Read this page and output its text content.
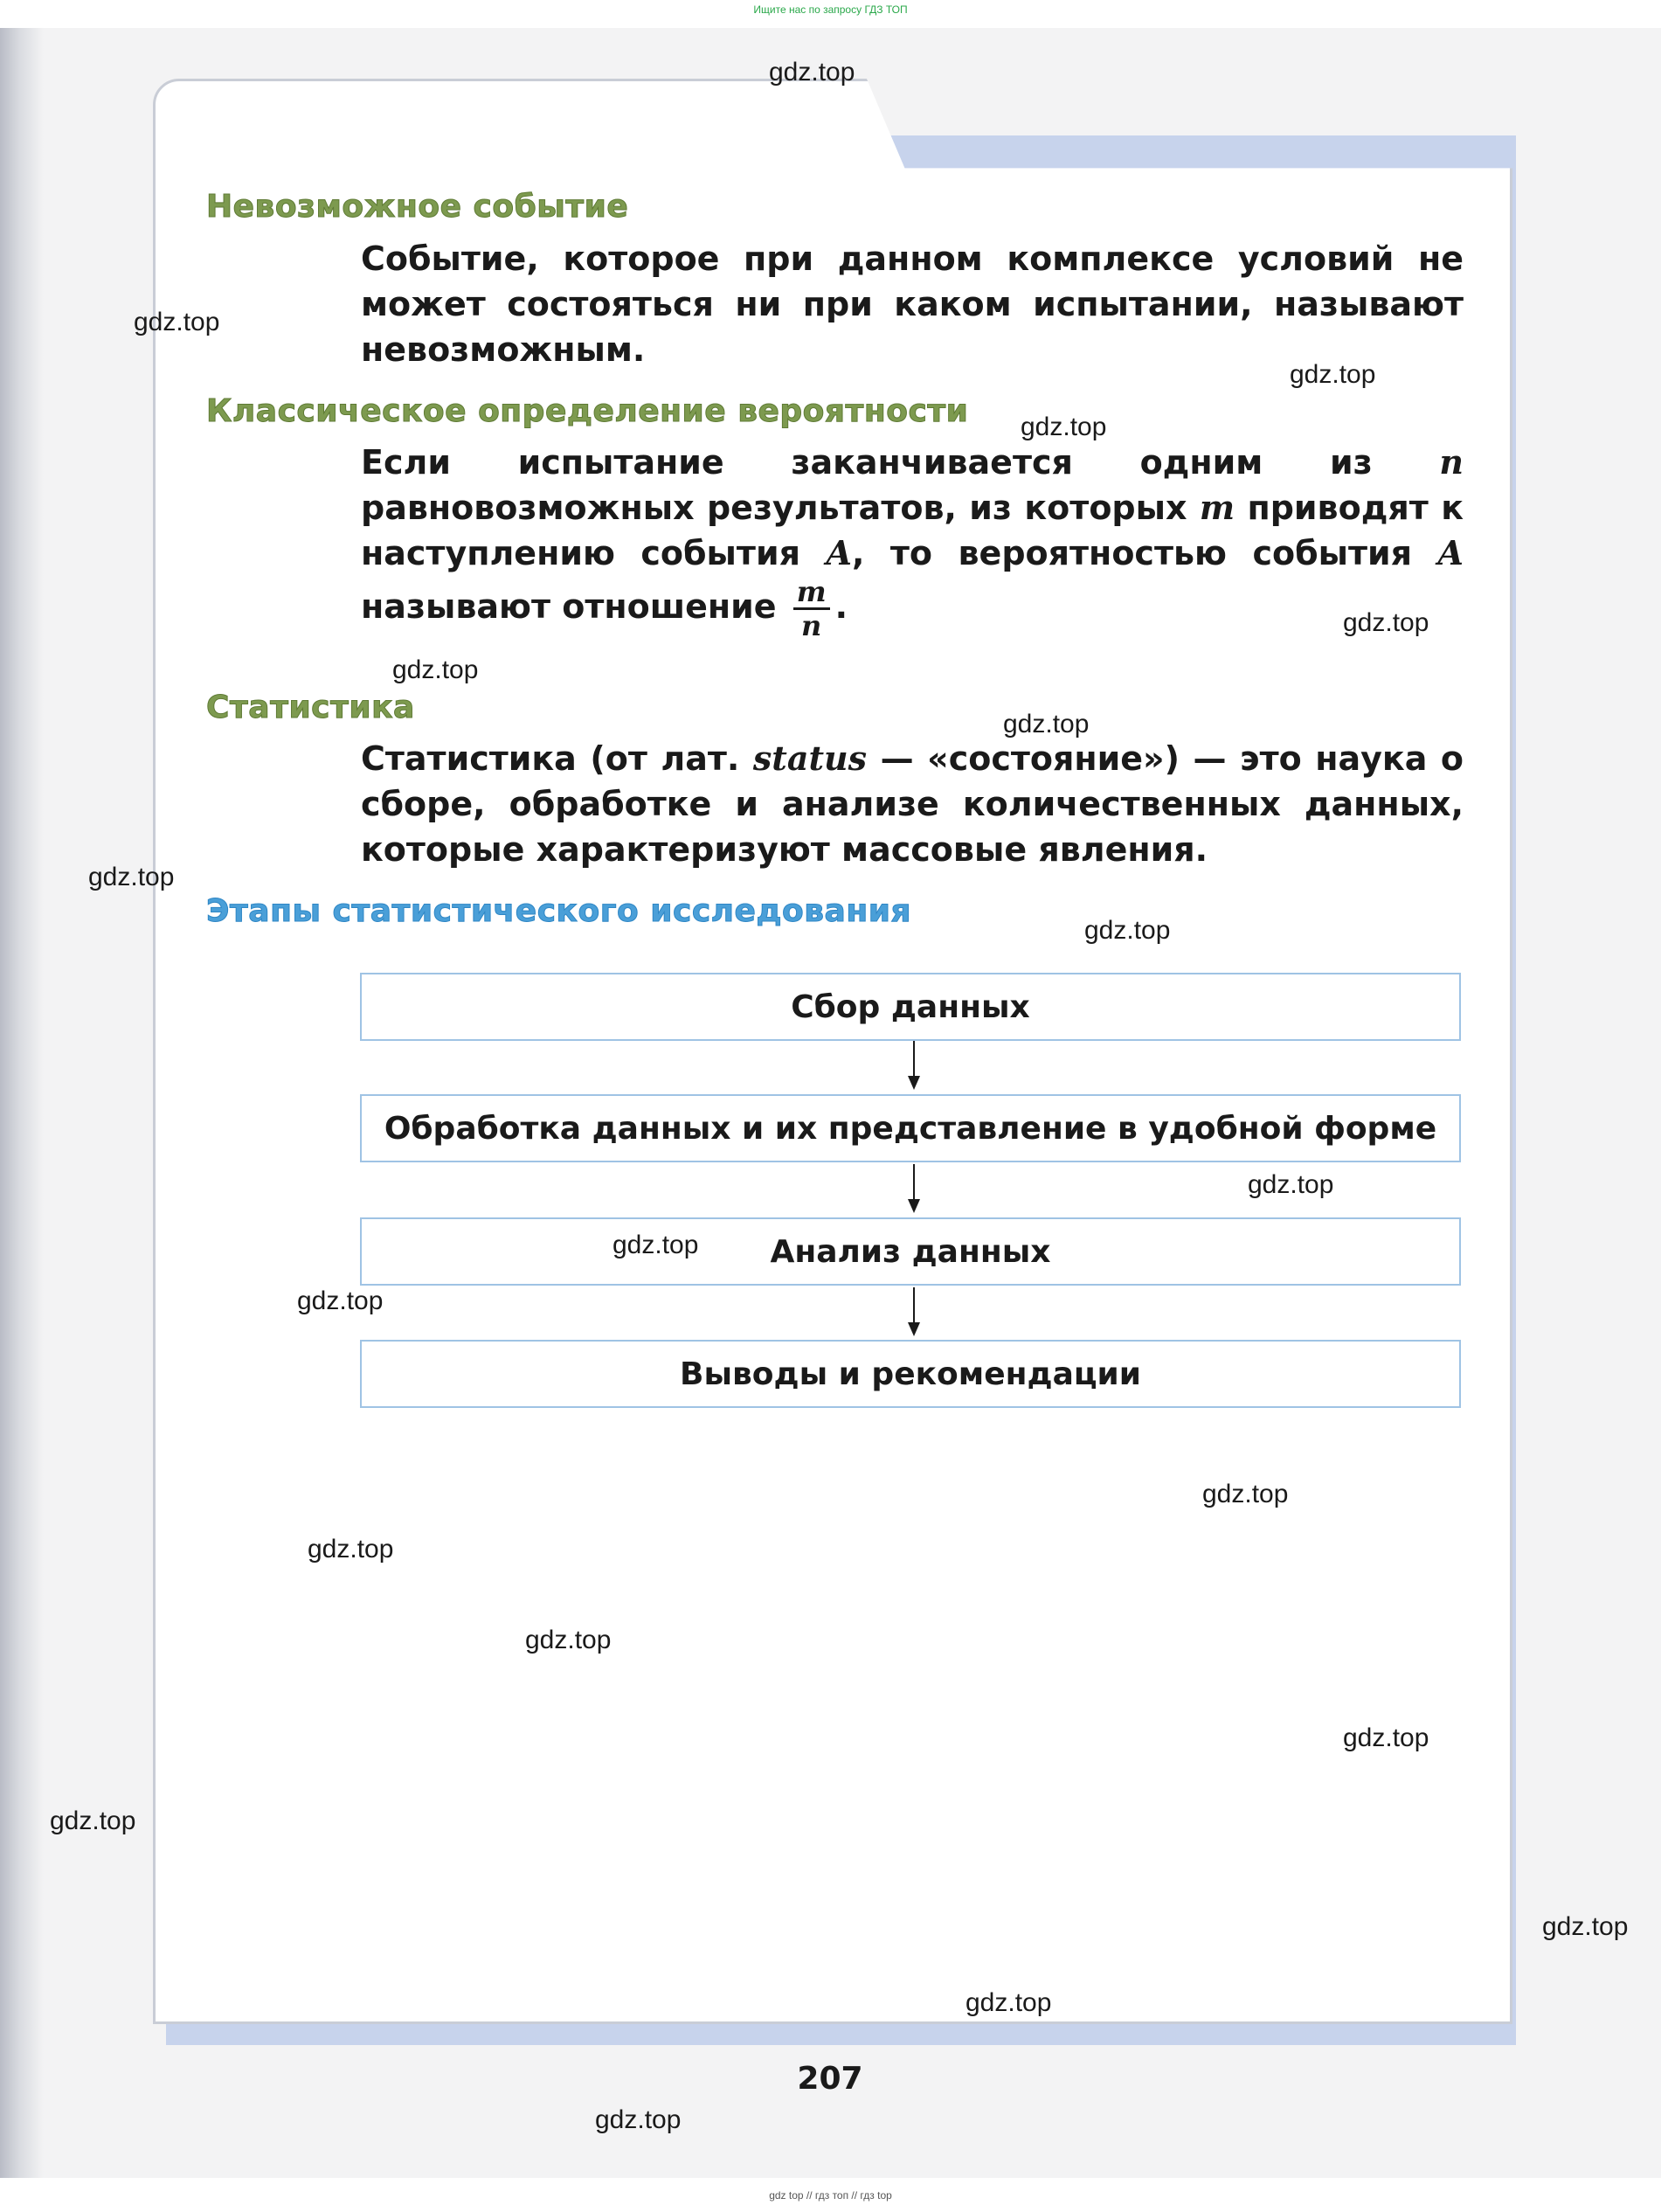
Ищите нас по запросу ГДЗ ТОП
Невозможное событие

Событие, которое при данном комплексе условий не может состояться ни при каком испытании, называют невозможным.

Классическое определение вероятности

Если испытание заканчивается одним из n равновозможных результатов, из которых m приводят к наступлению события A, то вероятностью события A называют отношение $\frac{m}{n}$ .

Статистика

Статистика (от лат. status — «состояние») — это наука о сборе, обработке и анализе количественных данных, которые характеризуют массовые явления.

Этапы статистического исследования
Сбор данных
Обработка данных и их представление в удобной форме
Анализ данных
Выводы и рекомендации
207
gdz.top
gdz.top
gdz.top
gdz.top
gdz.top
gdz.top
gdz.top
gdz.top
gdz.top
gdz.top
gdz.top
gdz.top
gdz.top
gdz.top
gdz.top
gdz.top
gdz.top
gdz.top
gdz.top
gdz.top
gdz top // гдз топ // гдз top
